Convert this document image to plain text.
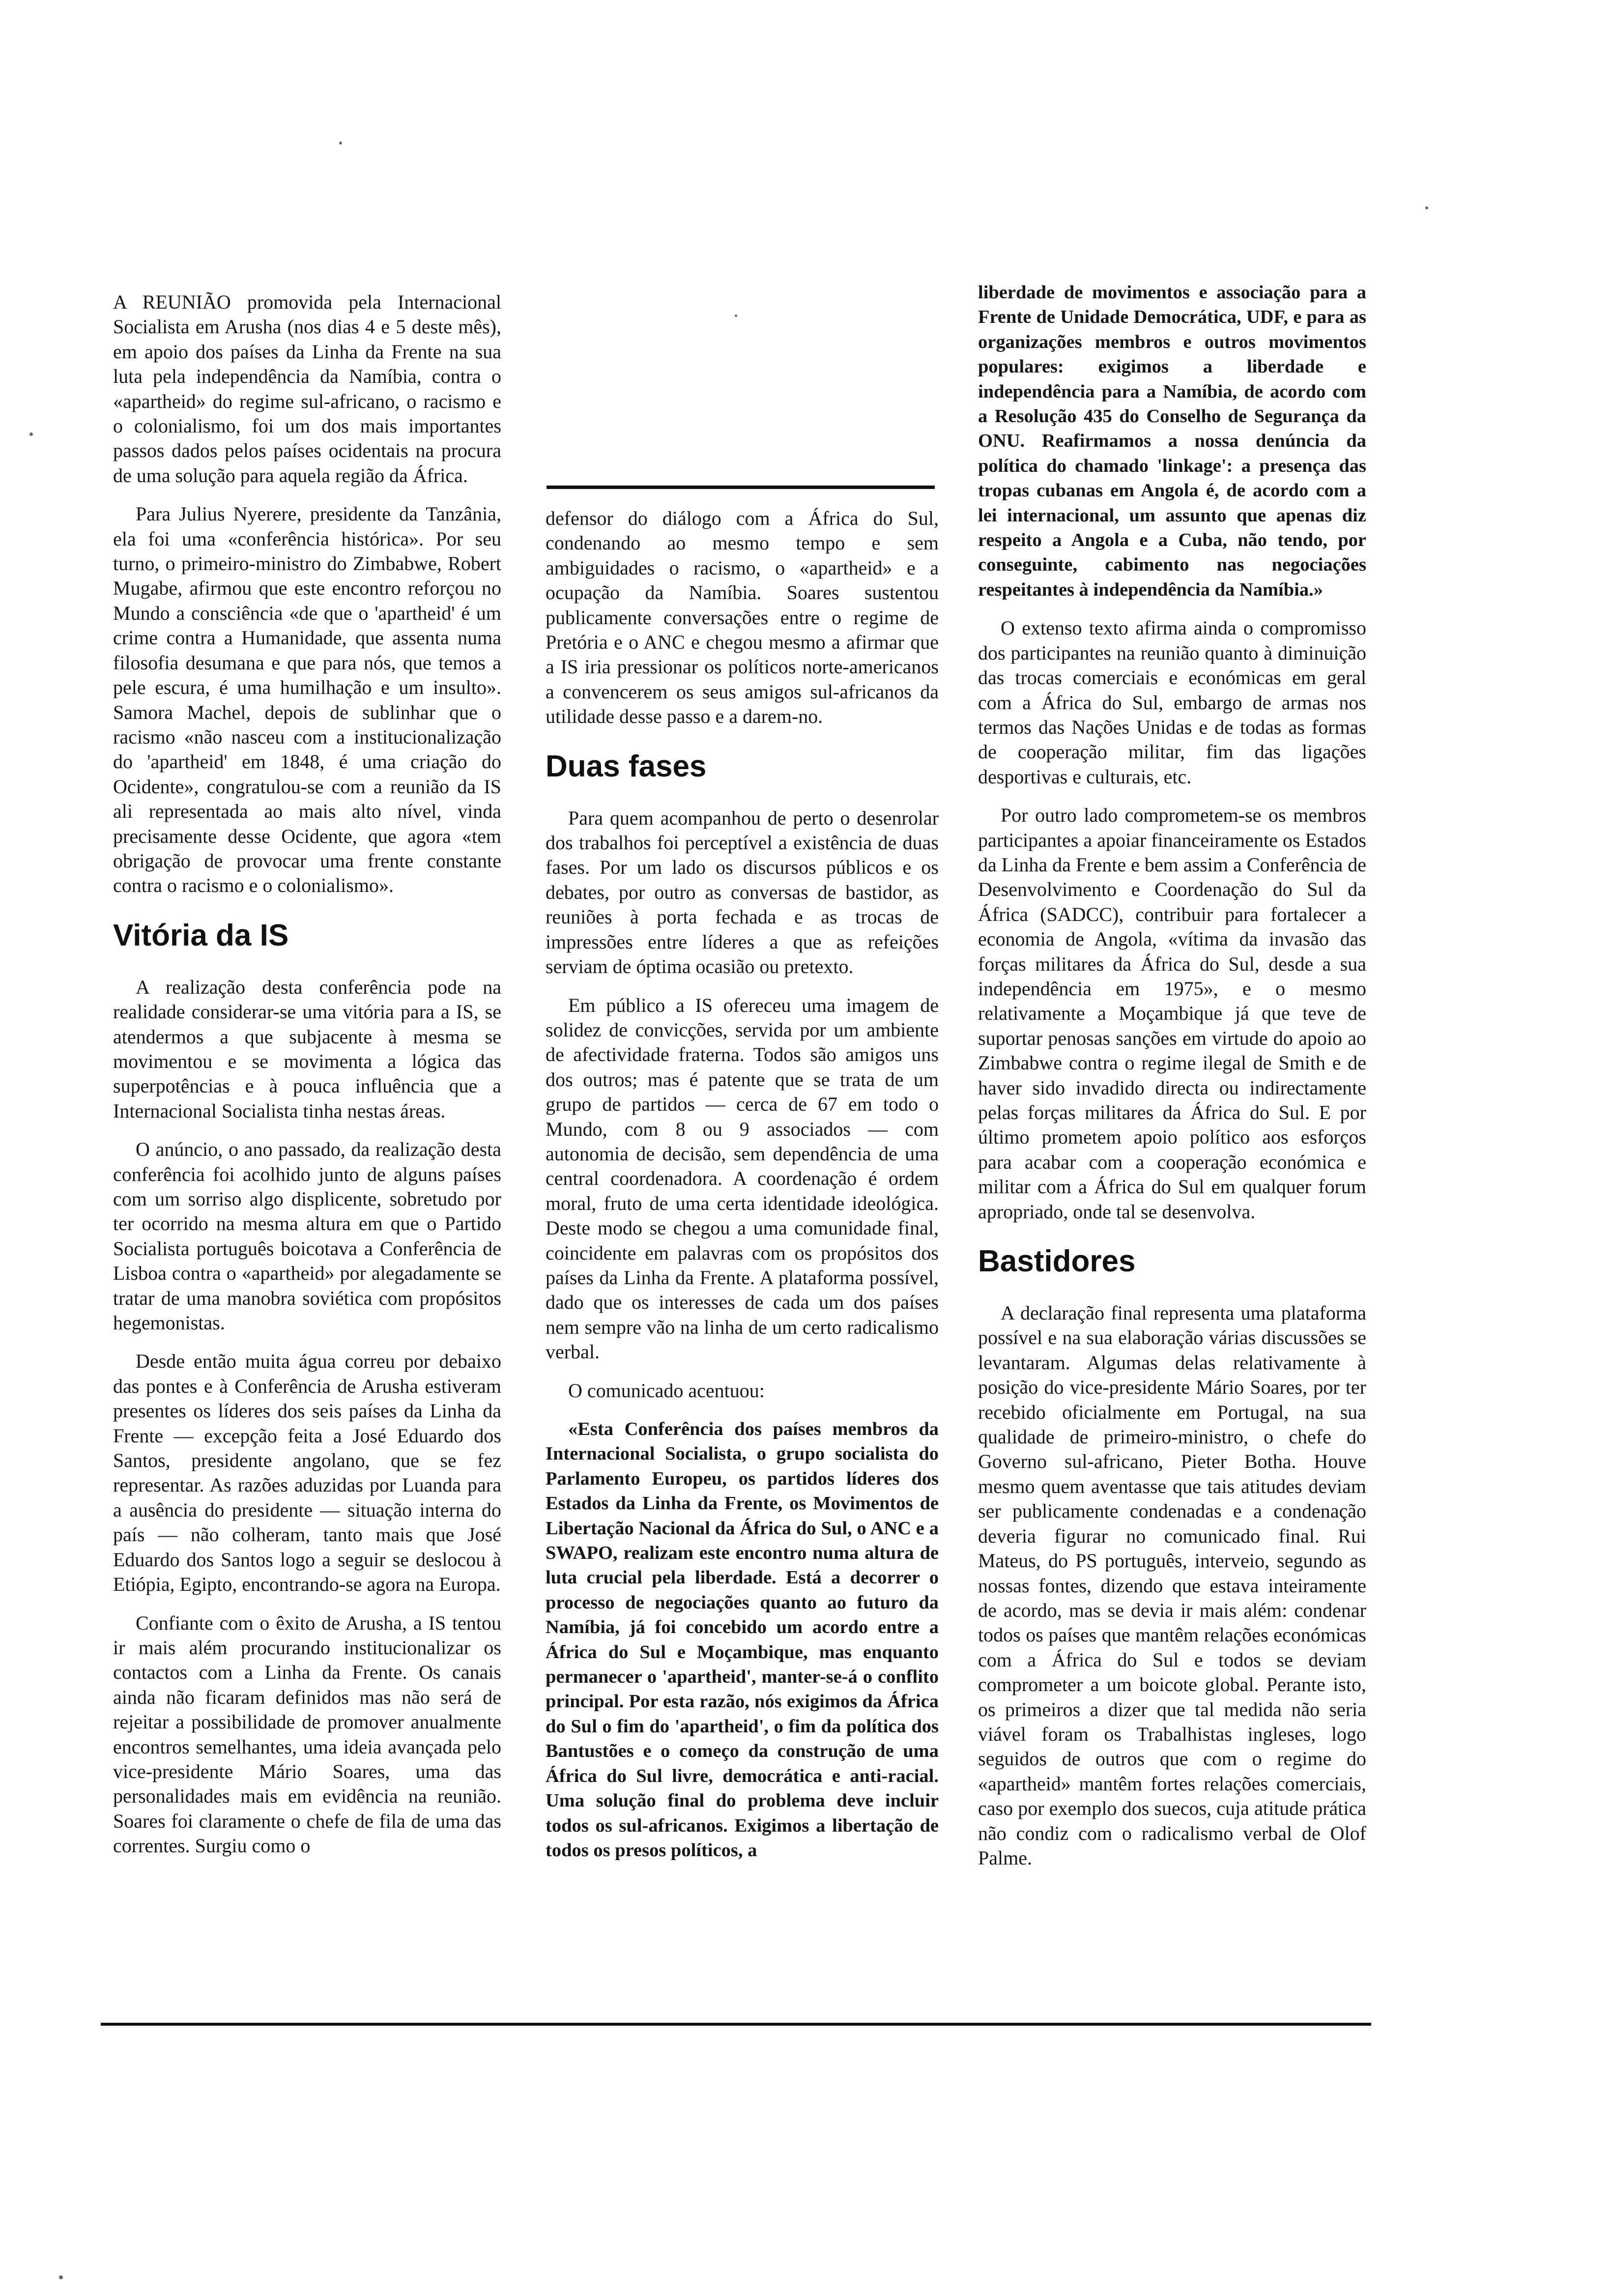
A REUNIÃO promovida pela Internacional Socialista em Arusha (nos dias 4 e 5 deste mês), em apoio dos países da Linha da Frente na sua luta pela independência da Namíbia, contra o «apartheid» do regime sul-africano, o racismo e o colonialismo, foi um dos mais importantes passos dados pelos países ocidentais na procura de uma solução para aquela região da África.

Para Julius Nyerere, presidente da Tanzânia, ela foi uma «conferência histórica». Por seu turno, o primeiro-ministro do Zimbabwe, Robert Mugabe, afirmou que este encontro reforçou no Mundo a consciência «de que o 'apartheid' é um crime contra a Humanidade, que assenta numa filosofia desumana e que para nós, que temos a pele escura, é uma humilhação e um insulto». Samora Machel, depois de sublinhar que o racismo «não nasceu com a institucionalização do 'apartheid' em 1848, é uma criação do Ocidente», congratulou-se com a reunião da IS ali representada ao mais alto nível, vinda precisamente desse Ocidente, que agora «tem obrigação de provocar uma frente constante contra o racismo e o colonialismo».

Vitória da IS

A realização desta conferência pode na realidade considerar-se uma vitória para a IS, se atendermos a que subjacente à mesma se movimentou e se movimenta a lógica das superpotências e à pouca influência que a Internacional Socialista tinha nestas áreas.

O anúncio, o ano passado, da realização desta conferência foi acolhido junto de alguns países com um sorriso algo displicente, sobretudo por ter ocorrido na mesma altura em que o Partido Socialista português boicotava a Conferência de Lisboa contra o «apartheid» por alegadamente se tratar de uma manobra soviética com propósitos hegemonistas.

Desde então muita água correu por debaixo das pontes e à Conferência de Arusha estiveram presentes os líderes dos seis países da Linha da Frente — excepção feita a José Eduardo dos Santos, presidente angolano, que se fez representar. As razões aduzidas por Luanda para a ausência do presidente — situação interna do país — não colheram, tanto mais que José Eduardo dos Santos logo a seguir se deslocou à Etiópia, Egipto, encontrando-se agora na Europa.

Confiante com o êxito de Arusha, a IS tentou ir mais além procurando institucionalizar os contactos com a Linha da Frente. Os canais ainda não ficaram definidos mas não será de rejeitar a possibilidade de promover anualmente encontros semelhantes, uma ideia avançada pelo vice-presidente Mário Soares, uma das personalidades mais em evidência na reunião. Soares foi claramente o chefe de fila de uma das correntes. Surgiu como o

defensor do diálogo com a África do Sul, condenando ao mesmo tempo e sem ambiguidades o racismo, o «apartheid» e a ocupação da Namíbia. Soares sustentou publicamente conversações entre o regime de Pretória e o ANC e chegou mesmo a afirmar que a IS iria pressionar os políticos norte-americanos a convencerem os seus amigos sul-africanos da utilidade desse passo e a darem-no.

Duas fases

Para quem acompanhou de perto o desenrolar dos trabalhos foi perceptível a existência de duas fases. Por um lado os discursos públicos e os debates, por outro as conversas de bastidor, as reuniões à porta fechada e as trocas de impressões entre líderes a que as refeições serviam de óptima ocasião ou pretexto.

Em público a IS ofereceu uma imagem de solidez de convicções, servida por um ambiente de afectividade fraterna. Todos são amigos uns dos outros; mas é patente que se trata de um grupo de partidos — cerca de 67 em todo o Mundo, com 8 ou 9 associados — com autonomia de decisão, sem dependência de uma central coordenadora. A coordenação é ordem moral, fruto de uma certa identidade ideológica. Deste modo se chegou a uma comunidade final, coincidente em palavras com os propósitos dos países da Linha da Frente. A plataforma possível, dado que os interesses de cada um dos países nem sempre vão na linha de um certo radicalismo verbal.

O comunicado acentuou:

«Esta Conferência dos países membros da Internacional Socialista, o grupo socialista do Parlamento Europeu, os partidos líderes dos Estados da Linha da Frente, os Movimentos de Libertação Nacional da África do Sul, o ANC e a SWAPO, realizam este encontro numa altura de luta crucial pela liberdade. Está a decorrer o processo de negociações quanto ao futuro da Namíbia, já foi concebido um acordo entre a África do Sul e Moçambique, mas enquanto permanecer o 'apartheid', manter-se-á o conflito principal. Por esta razão, nós exigimos da África do Sul o fim do 'apartheid', o fim da política dos Bantustões e o começo da construção de uma África do Sul livre, democrática e anti-racial. Uma solução final do problema deve incluir todos os sul-africanos. Exigimos a libertação de todos os presos políticos, a

liberdade de movimentos e associação para a Frente de Unidade Democrática, UDF, e para as organizações membros e outros movimentos populares: exigimos a liberdade e independência para a Namíbia, de acordo com a Resolução 435 do Conselho de Segurança da ONU. Reafirmamos a nossa denúncia da política do chamado 'linkage': a presença das tropas cubanas em Angola é, de acordo com a lei internacional, um assunto que apenas diz respeito a Angola e a Cuba, não tendo, por conseguinte, cabimento nas negociações respeitantes à independência da Namíbia.»

O extenso texto afirma ainda o compromisso dos participantes na reunião quanto à diminuição das trocas comerciais e económicas em geral com a África do Sul, embargo de armas nos termos das Nações Unidas e de todas as formas de cooperação militar, fim das ligações desportivas e culturais, etc.

Por outro lado comprometem-se os membros participantes a apoiar financeiramente os Estados da Linha da Frente e bem assim a Conferência de Desenvolvimento e Coordenação do Sul da África (SADCC), contribuir para fortalecer a economia de Angola, «vítima da invasão das forças militares da África do Sul, desde a sua independência em 1975», e o mesmo relativamente a Moçambique já que teve de suportar penosas sanções em virtude do apoio ao Zimbabwe contra o regime ilegal de Smith e de haver sido invadido directa ou indirectamente pelas forças militares da África do Sul. E por último prometem apoio político aos esforços para acabar com a cooperação económica e militar com a África do Sul em qualquer forum apropriado, onde tal se desenvolva.

Bastidores

A declaração final representa uma plataforma possível e na sua elaboração várias discussões se levantaram. Algumas delas relativamente à posição do vice-presidente Mário Soares, por ter recebido oficialmente em Portugal, na sua qualidade de primeiro-ministro, o chefe do Governo sul-africano, Pieter Botha. Houve mesmo quem aventasse que tais atitudes deviam ser publicamente condenadas e a condenação deveria figurar no comunicado final. Rui Mateus, do PS português, interveio, segundo as nossas fontes, dizendo que estava inteiramente de acordo, mas se devia ir mais além: condenar todos os países que mantêm relações económicas com a África do Sul e todos se deviam comprometer a um boicote global. Perante isto, os primeiros a dizer que tal medida não seria viável foram os Trabalhistas ingleses, logo seguidos de outros que com o regime do «apartheid» mantêm fortes relações comerciais, caso por exemplo dos suecos, cuja atitude prática não condiz com o radicalismo verbal de Olof Palme.
